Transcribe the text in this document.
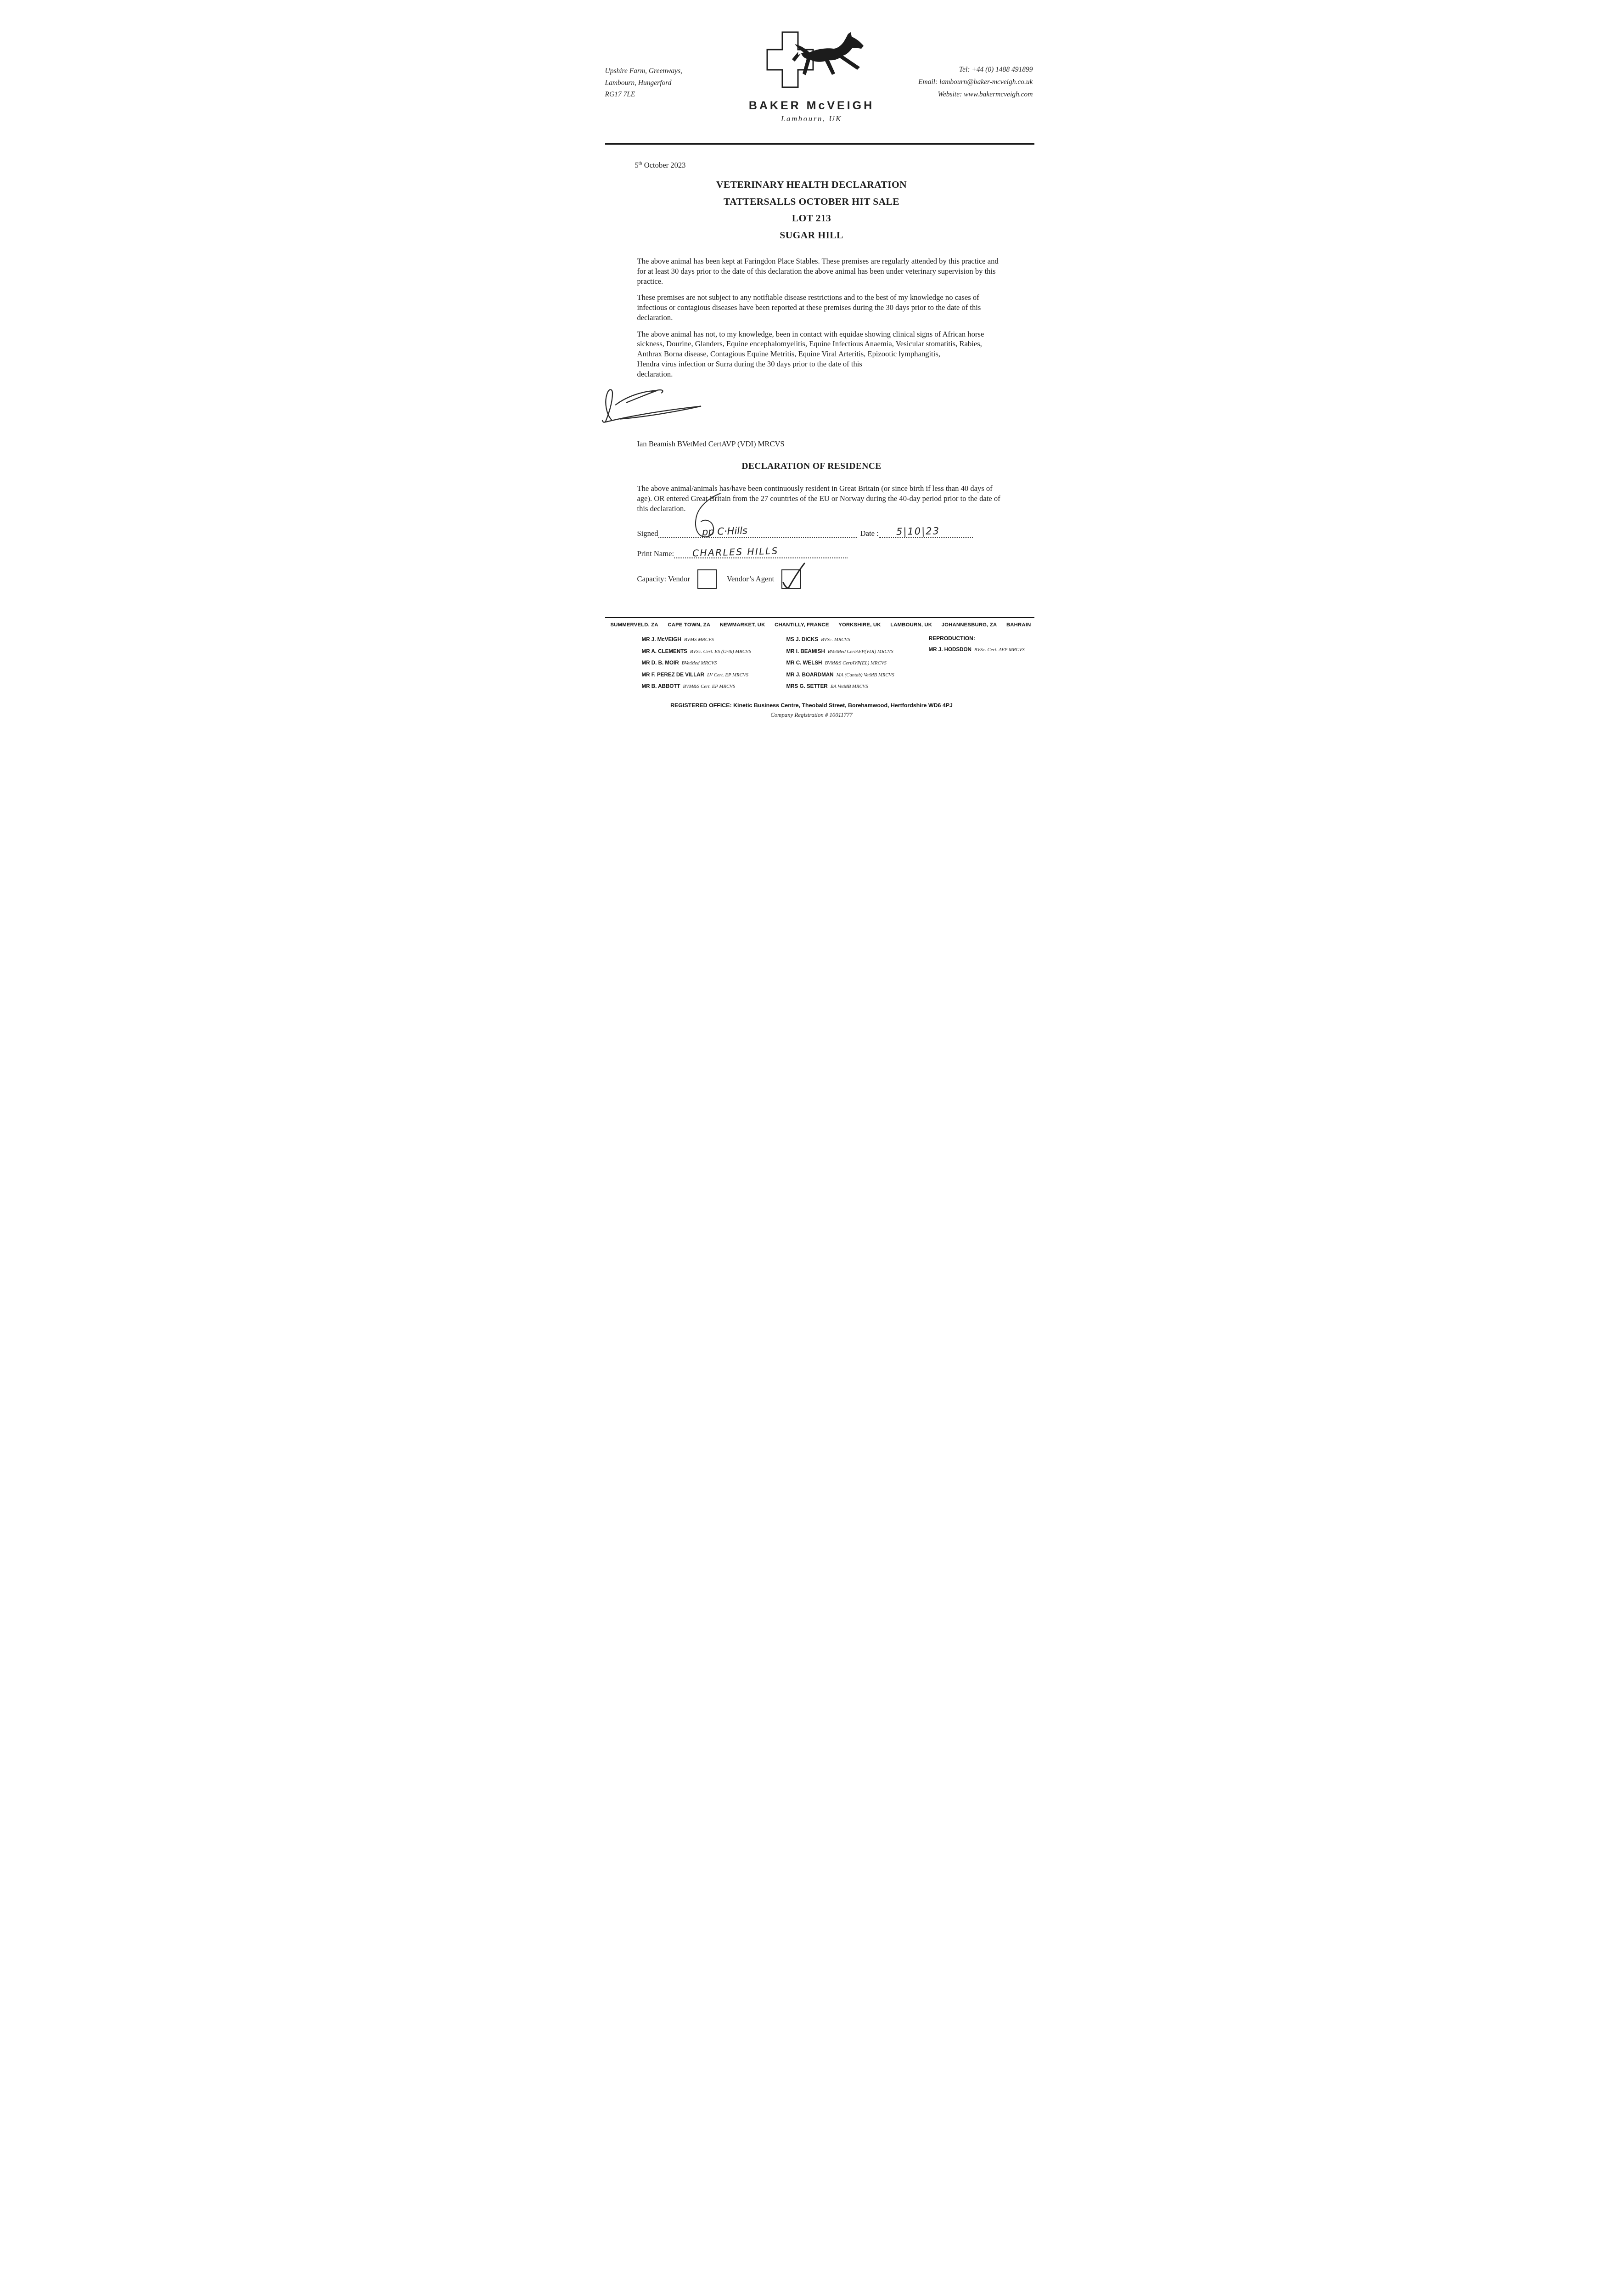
Upshire Farm, Greenways,
Lambourn, Hungerford
RG17 7LE
BAKER McVEIGH
Lambourn, UK
Tel: +44 (0) 1488 491899
Email: lambourn@baker-mcveigh.co.uk
Website: www.bakermcveigh.com
5th October 2023
VETERINARY HEALTH DECLARATION
TATTERSALLS OCTOBER HIT SALE
LOT 213
SUGAR HILL

The above animal has been kept at Faringdon Place Stables. These premises are regularly attended by this practice and for at least 30 days prior to the date of this declaration the above animal has been under veterinary supervision by this practice.

These premises are not subject to any notifiable disease restrictions and to the best of my knowledge no cases of infectious or contagious diseases have been reported at these premises during the 30 days prior to the date of this declaration.

The above animal has not, to my knowledge, been in contact with equidae showing clinical signs of African horse sickness, Dourine, Glanders, Equine encephalomyelitis, Equine Infectious Anaemia, Vesicular stomatitis, Rabies, Anthrax Borna disease, Contagious Equine Metritis, Equine Viral Arteritis, Epizootic lymphangitis,

Hendra virus infection or Surra during the 30 days prior to the date of this declaration.

Ian Beamish BVetMed CertAVP (VDI) MRCVS
DECLARATION OF RESIDENCE

The above animal/animals has/have been continuously resident in Great Britain (or since birth if less than 40 days of age). OR entered Great Britain from the 27 countries of the EU or Norway during the 40-day period prior to the date of this declaration.

Signed	pp C·Hills	Date : 5|10|23
Print Name: CHARLES HILLS
Capacity: Vendor	Vendor’s Agent
SUMMERVELD, ZA CAPE TOWN, ZA NEWMARKET, UK CHANTILLY, FRANCE YORKSHIRE, UK LAMBOURN, UK JOHANNESBURG, ZA BAHRAIN
MR J. McVEIGH BVMS MRCVS
MR A. CLEMENTS BVSc. Cert. ES (Orth) MRCVS
MR D. B. MOIR BVetMed MRCVS
MR F. PEREZ DE VILLAR LV Cert. EP MRCVS
MR B. ABBOTT BVM&S Cert. EP MRCVS
MS J. DICKS BVSc. MRCVS
MR I. BEAMISH BVetMed CertAVP(VDI) MRCVS
MR C. WELSH BVM&S CertAVP(EL) MRCVS
MR J. BOARDMAN MA (Cantab) VetMB MRCVS
MRS G. SETTER BA VetMB MRCVS
REPRODUCTION:
MR J. HODSDON BVSc. Cert. AVP MRCVS
REGISTERED OFFICE: Kinetic Business Centre, Theobald Street, Borehamwood, Hertfordshire WD6 4PJ
Company Registration # 10011777
